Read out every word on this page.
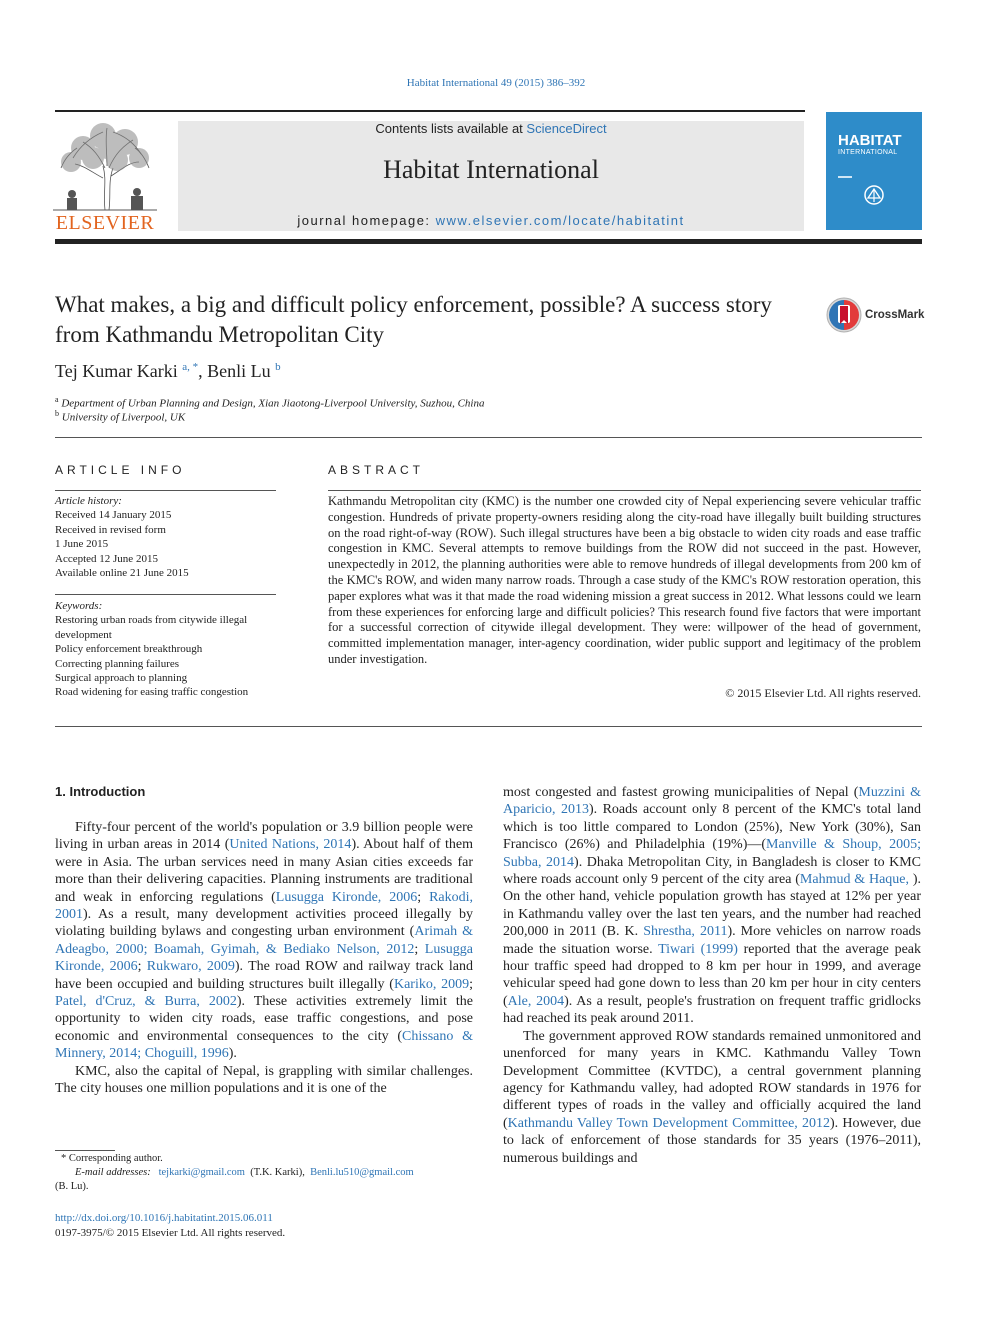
Habitat International 49 (2015) 386–392
ELSEVIER
Contents lists available at ScienceDirect
Habitat International
journal homepage: www.elsevier.com/locate/habitatint
HABITAT
INTERNATIONAL
What makes, a big and difficult policy enforcement, possible? A success story from Kathmandu Metropolitan City
CrossMark
Tej Kumar Karki $^{a, *}$, Benli Lu $^b$
$^a$ Department of Urban Planning and Design, Xian Jiaotong-Liverpool University, Suzhou, China
$^b$ University of Liverpool, UK
ARTICLE INFO
Article history:
Received 14 January 2015
Received in revised form
1 June 2015
Accepted 12 June 2015
Available online 21 June 2015
Keywords:
Restoring urban roads from citywide illegal development
Policy enforcement breakthrough
Correcting planning failures
Surgical approach to planning
Road widening for easing traffic congestion
ABSTRACT
Kathmandu Metropolitan city (KMC) is the number one crowded city of Nepal experiencing severe vehicular traffic congestion. Hundreds of private property-owners residing along the city-road have illegally built building structures on the road right-of-way (ROW). Such illegal structures have been a big obstacle to widen city roads and ease traffic congestion in KMC. Several attempts to remove buildings from the ROW did not succeed in the past. However, unexpectedly in 2012, the planning authorities were able to remove hundreds of illegal developments from 200 km of the KMC's ROW, and widen many narrow roads. Through a case study of the KMC's ROW restoration operation, this paper explores what was it that made the road widening mission a great success in 2012. What lessons could we learn from these experiences for enforcing large and difficult policies? This research found five factors that were important for a successful correction of citywide illegal development. They were: willpower of the head of government, committed implementation manager, inter-agency coordination, wider public support and legitimacy of the problem under investigation.
© 2015 Elsevier Ltd. All rights reserved.
1. Introduction

Fifty-four percent of the world's population or 3.9 billion people were living in urban areas in 2014 (United Nations, 2014). About half of them were in Asia. The urban services need in many Asian cities exceeds far more than their delivering capacities. Planning instruments are traditional and weak in enforcing regulations (Lusugga Kironde, 2006; Rakodi, 2001). As a result, many development activities proceed illegally by violating building bylaws and congesting urban environment (Arimah & Adeagbo, 2000; Boamah, Gyimah, & Bediako Nelson, 2012; Lusugga Kironde, 2006; Rukwaro, 2009). The road ROW and railway track land have been occupied and building structures built illegally (Kariko, 2009; Patel, d'Cruz, & Burra, 2002). These activities extremely limit the opportunity to widen city roads, ease traffic congestions, and pose economic and environmental consequences to the city (Chissano & Minnery, 2014; Choguill, 1996).

KMC, also the capital of Nepal, is grappling with similar challenges. The city houses one million populations and it is one of the

most congested and fastest growing municipalities of Nepal (Muzzini & Aparicio, 2013). Roads account only 8 percent of the KMC's total land which is too little compared to London (25%), New York (30%), San Francisco (26%) and Philadelphia (19%)—(Manville & Shoup, 2005; Subba, 2014). Dhaka Metropolitan City, in Bangladesh is closer to KMC where roads account only 9 percent of the city area (Mahmud & Haque, ). On the other hand, vehicle population growth has stayed at 12% per year in Kathmandu valley over the last ten years, and the number had reached 200,000 in 2011 (B. K. Shrestha, 2011). More vehicles on narrow roads made the situation worse. Tiwari (1999) reported that the average peak hour traffic speed had dropped to 8 km per hour in 1999, and average vehicular speed had gone down to less than 20 km per hour in city centers (Ale, 2004). As a result, people's frustration on frequent traffic gridlocks had reached its peak around 2011.

The government approved ROW standards remained unmonitored and unenforced for many years in KMC. Kathmandu Valley Town Development Committee (KVTDC), a central government planning agency for Kathmandu valley, had adopted ROW standards in 1976 for different types of roads in the valley and officially acquired the land (Kathmandu Valley Town Development Committee, 2012). However, due to lack of enforcement of those standards for 35 years (1976–2011), numerous buildings and

* Corresponding author.
E-mail addresses: tejkarki@gmail.com (T.K. Karki), Benli.lu510@gmail.com
(B. Lu).
http://dx.doi.org/10.1016/j.habitatint.2015.06.011
0197-3975/© 2015 Elsevier Ltd. All rights reserved.
